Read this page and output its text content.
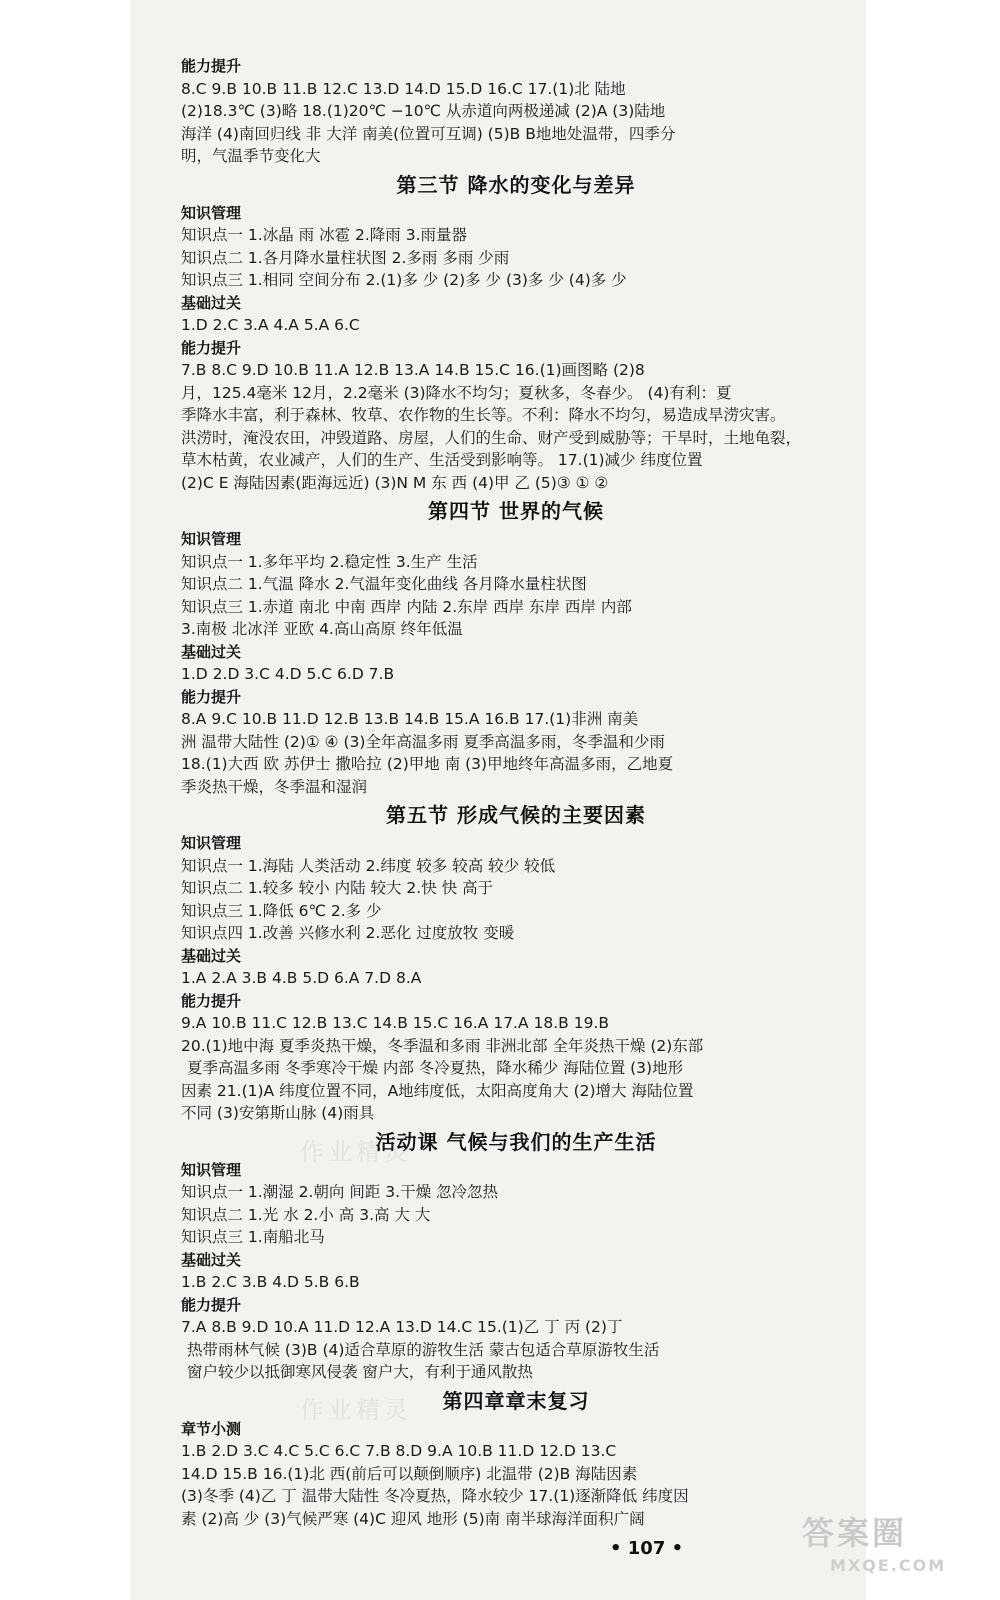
能力提升
8.C 9.B 10.B 11.B 12.C 13.D 14.D 15.D 16.C 17.(1)北 陆地
(2)18.3℃ (3)略 18.(1)20℃ −10℃ 从赤道向两极递减 (2)A (3)陆地
海洋 (4)南回归线 非 大洋 南美(位置可互调) (5)B B地地处温带，四季分
明，气温季节变化大
第三节 降水的变化与差异
知识管理
知识点一 1.冰晶 雨 冰雹 2.降雨 3.雨量器
知识点二 1.各月降水量柱状图 2.多雨 多雨 少雨
知识点三 1.相同 空间分布 2.(1)多 少 (2)多 少 (3)多 少 (4)多 少
基础过关
1.D 2.C 3.A 4.A 5.A 6.C
能力提升
7.B 8.C 9.D 10.B 11.A 12.B 13.A 14.B 15.C 16.(1)画图略 (2)8
月，125.4毫米 12月，2.2毫米 (3)降水不均匀；夏秋多，冬春少。 (4)有利：夏
季降水丰富，利于森林、牧草、农作物的生长等。不利：降水不均匀，易造成旱涝灾害。
洪涝时，淹没农田，冲毁道路、房屋，人们的生命、财产受到威胁等；干旱时，土地龟裂，
草木枯黄，农业减产，人们的生产、生活受到影响等。 17.(1)减少 纬度位置
(2)C E 海陆因素(距海远近) (3)N M 东 西 (4)甲 乙 (5)③ ① ②
第四节 世界的气候
知识管理
知识点一 1.多年平均 2.稳定性 3.生产 生活
知识点二 1.气温 降水 2.气温年变化曲线 各月降水量柱状图
知识点三 1.赤道 南北 中南 西岸 内陆 2.东岸 西岸 东岸 西岸 内部
3.南极 北冰洋 亚欧 4.高山高原 终年低温
基础过关
1.D 2.D 3.C 4.D 5.C 6.D 7.B
能力提升
8.A 9.C 10.B 11.D 12.B 13.B 14.B 15.A 16.B 17.(1)非洲 南美
洲 温带大陆性 (2)① ④ (3)全年高温多雨 夏季高温多雨，冬季温和少雨
18.(1)大西 欧 苏伊士 撒哈拉 (2)甲地 南 (3)甲地终年高温多雨，乙地夏
季炎热干燥，冬季温和湿润
第五节 形成气候的主要因素
知识管理
知识点一 1.海陆 人类活动 2.纬度 较多 较高 较少 较低
知识点二 1.较多 较小 内陆 较大 2.快 快 高于
知识点三 1.降低 6℃ 2.多 少
知识点四 1.改善 兴修水利 2.恶化 过度放牧 变暖
基础过关
1.A 2.A 3.B 4.B 5.D 6.A 7.D 8.A
能力提升
9.A 10.B 11.C 12.B 13.C 14.B 15.C 16.A 17.A 18.B 19.B
20.(1)地中海 夏季炎热干燥，冬季温和多雨 非洲北部 全年炎热干燥 (2)东部
夏季高温多雨 冬季寒冷干燥 内部 冬冷夏热，降水稀少 海陆位置 (3)地形
因素 21.(1)A 纬度位置不同，A地纬度低，太阳高度角大 (2)增大 海陆位置
不同 (3)安第斯山脉 (4)雨具
活动课 气候与我们的生产生活
知识管理
知识点一 1.潮湿 2.朝向 间距 3.干燥 忽冷忽热
知识点二 1.光 水 2.小 高 3.高 大 大
知识点三 1.南船北马
基础过关
1.B 2.C 3.B 4.D 5.B 6.B
能力提升
7.A 8.B 9.D 10.A 11.D 12.A 13.D 14.C 15.(1)乙 丁 丙 (2)丁
热带雨林气候 (3)B (4)适合草原的游牧生活 蒙古包适合草原游牧生活
窗户较少以抵御寒风侵袭 窗户大，有利于通风散热
第四章章末复习
章节小测
1.B 2.D 3.C 4.C 5.C 6.C 7.B 8.D 9.A 10.B 11.D 12.D 13.C
14.D 15.B 16.(1)北 西(前后可以颠倒顺序) 北温带 (2)B 海陆因素
(3)冬季 (4)乙 丁 温带大陆性 冬冷夏热，降水较少 17.(1)逐渐降低 纬度因
素 (2)高 少 (3)气候严寒 (4)C 迎风 地形 (5)南 南半球海洋面积广阔
• 107 •
作业精灵
作业精灵
答案圈
MXQE.COM
